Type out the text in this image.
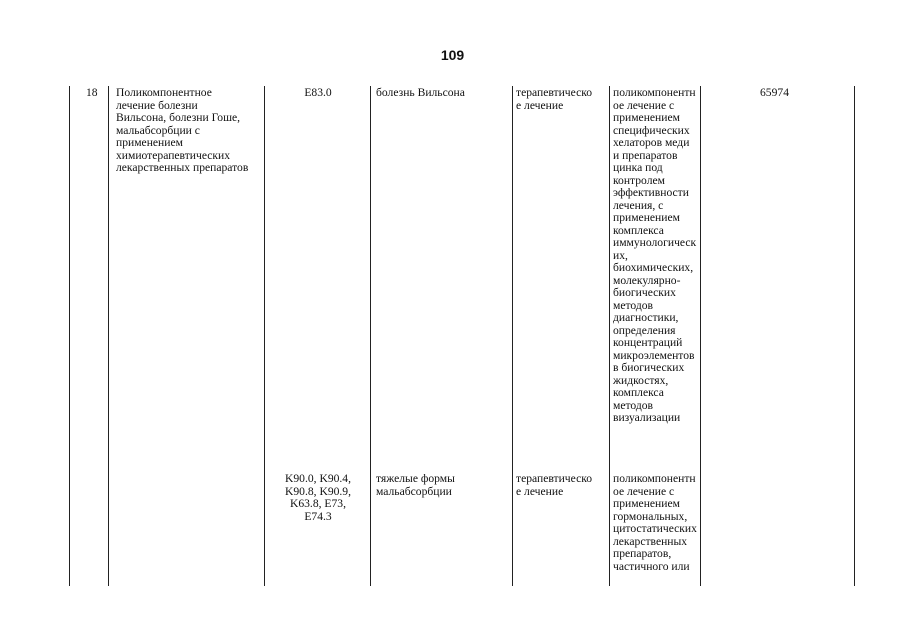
109
18 Поликомпонентное
лечение болезни
Вильсона, болезни Гоше,
мальабсорбции с
применением
химиотерапевтических
лекарственных препаратов
65974
E83.0	болезнь Вильсона	терапевтическо
е лечение
поликомпонентн
ое лечение с
применением
специфических
хелаторов меди
и препаратов
цинка под
контролем
эффективности
лечения, с
применением
комплекса
иммунологическ
их,
биохимических,
молекулярно-
биогических
методов
диагностики,
определения
концентраций
микроэлементов
в биогических
жидкостях,
комплекса
методов
визуализации
K90.0, K90.4,
K90.8, K90.9,
K63.8, E73,
E74.3
тяжелые формы
мальабсорбции
терапевтическо
е лечение
поликомпонентн
ое лечение с
применением
гормональных,
цитостатических
лекарственных
препаратов,
частичного или
